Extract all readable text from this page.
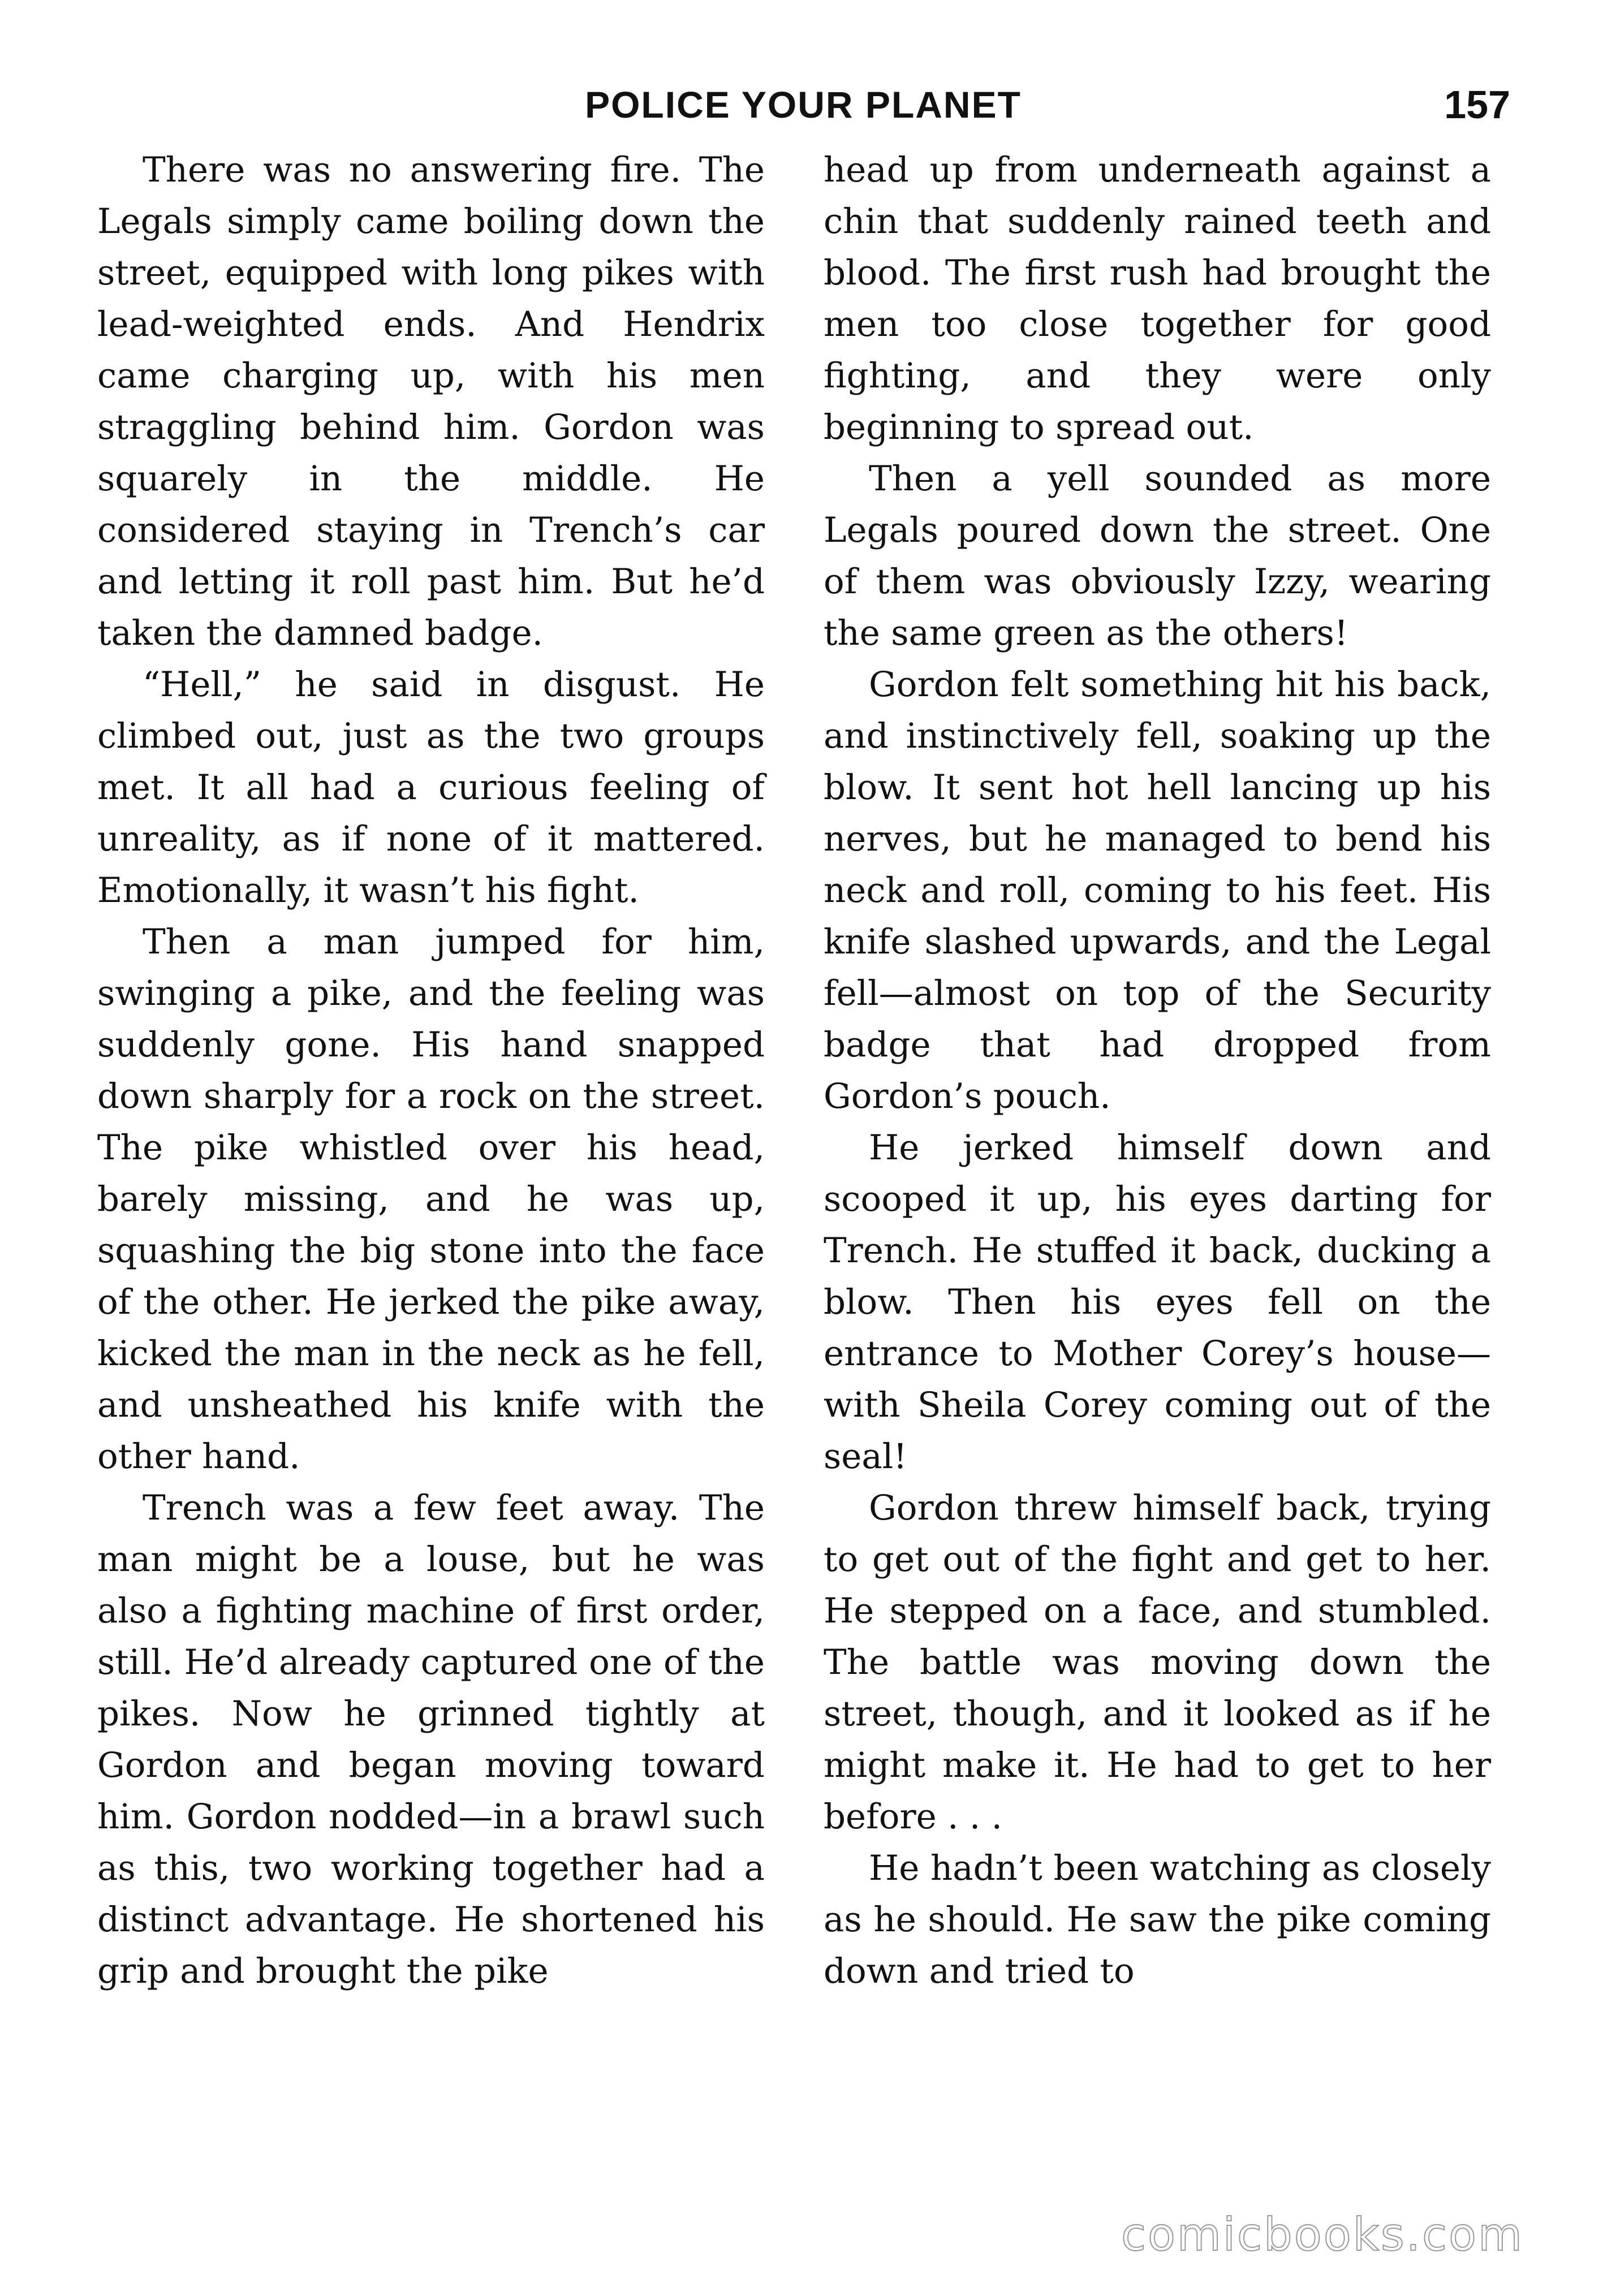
POLICE YOUR PLANET	157

There was no answering fire. The Legals simply came boiling down the street, equipped with long pikes with lead-weighted ends. And Hendrix came charging up, with his men straggling behind him. Gordon was squarely in the middle. He considered staying in Trench’s car and letting it roll past him. But he’d taken the damned badge.

“Hell,” he said in disgust. He climbed out, just as the two groups met. It all had a curious feeling of unreality, as if none of it mattered. Emotionally, it wasn’t his fight.

Then a man jumped for him, swinging a pike, and the feeling was suddenly gone. His hand snapped down sharply for a rock on the street. The pike whistled over his head, barely missing, and he was up, squashing the big stone into the face of the other. He jerked the pike away, kicked the man in the neck as he fell, and unsheathed his knife with the other hand.

Trench was a few feet away. The man might be a louse, but he was also a fighting machine of first order, still. He’d already captured one of the pikes. Now he grinned tightly at Gordon and began moving toward him. Gordon nodded—in a brawl such as this, two working together had a distinct advantage. He shortened his grip and brought the pike

head up from underneath against a chin that suddenly rained teeth and blood. The first rush had brought the men too close together for good fighting, and they were only beginning to spread out.

Then a yell sounded as more Legals poured down the street. One of them was obviously Izzy, wearing the same green as the others!

Gordon felt something hit his back, and instinctively fell, soaking up the blow. It sent hot hell lancing up his nerves, but he managed to bend his neck and roll, coming to his feet. His knife slashed upwards, and the Legal fell—almost on top of the Security badge that had dropped from Gordon’s pouch.

He jerked himself down and scooped it up, his eyes darting for Trench. He stuffed it back, ducking a blow. Then his eyes fell on the entrance to Mother Corey’s house—with Sheila Corey coming out of the seal!

Gordon threw himself back, trying to get out of the fight and get to her. He stepped on a face, and stumbled. The battle was moving down the street, though, and it looked as if he might make it. He had to get to her before . . .

He hadn’t been watching as closely as he should. He saw the pike coming down and tried to

comicbooks.com
